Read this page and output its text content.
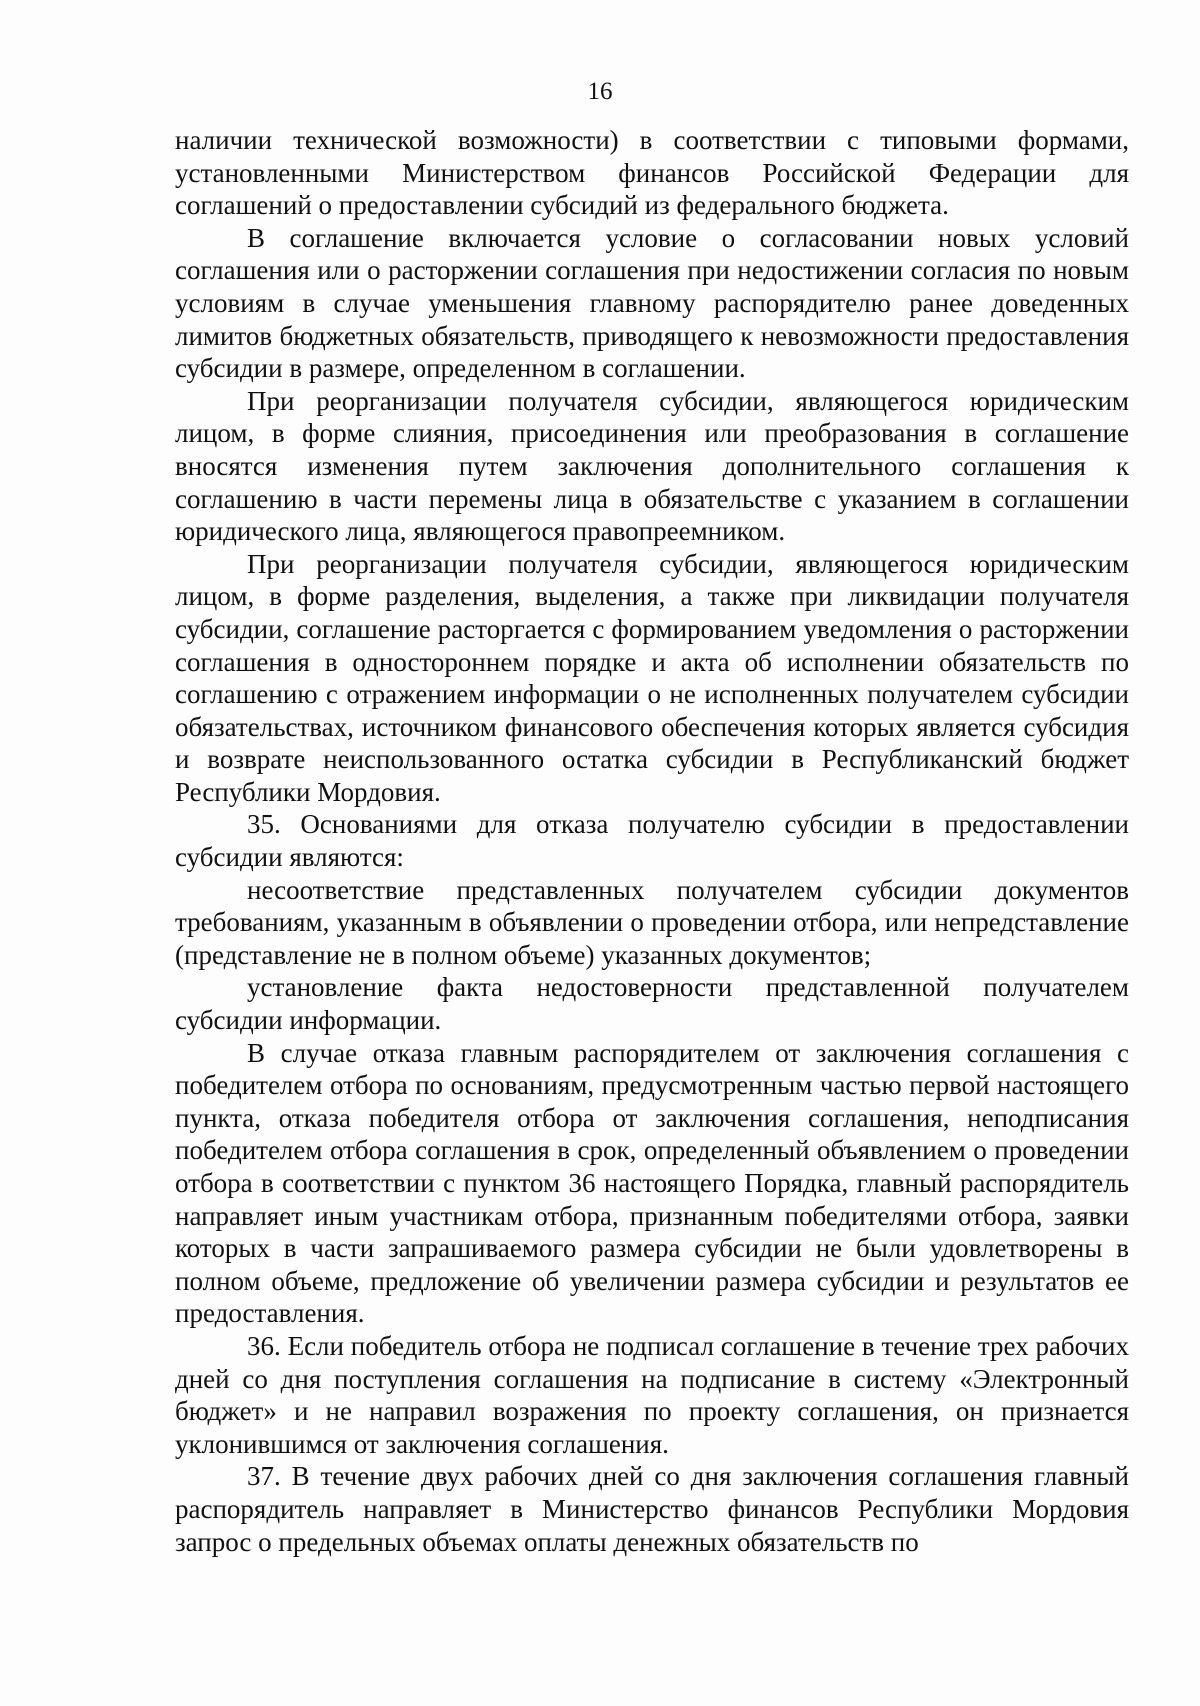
16

наличии технической возможности) в соответствии с типовыми формами, установленными Министерством финансов Российской Федерации для соглашений о предоставлении субсидий из федерального бюджета.

В соглашение включается условие о согласовании новых условий соглашения или о расторжении соглашения при недостижении согласия по новым условиям в случае уменьшения главному распорядителю ранее доведенных лимитов бюджетных обязательств, приводящего к невозможности предоставления субсидии в размере, определенном в соглашении.

При реорганизации получателя субсидии, являющегося юридическим лицом, в форме слияния, присоединения или преобразования в соглашение вносятся изменения путем заключения дополнительного соглашения к соглашению в части перемены лица в обязательстве с указанием в соглашении юридического лица, являющегося правопреемником.

При реорганизации получателя субсидии, являющегося юридическим лицом, в форме разделения, выделения, а также при ликвидации получателя субсидии, соглашение расторгается с формированием уведомления о расторжении соглашения в одностороннем порядке и акта об исполнении обязательств по соглашению с отражением информации о не исполненных получателем субсидии обязательствах, источником финансового обеспечения которых является субсидия и возврате неиспользованного остатка субсидии в Республиканский бюджет Республики Мордовия.

35. Основаниями для отказа получателю субсидии в предоставлении субсидии являются:

несоответствие представленных получателем субсидии документов требованиям, указанным в объявлении о проведении отбора, или непредставление (представление не в полном объеме) указанных документов;

установление факта недостоверности представленной получателем субсидии информации.

В случае отказа главным распорядителем от заключения соглашения с победителем отбора по основаниям, предусмотренным частью первой настоящего пункта, отказа победителя отбора от заключения соглашения, неподписания победителем отбора соглашения в срок, определенный объявлением о проведении отбора в соответствии с пунктом 36 настоящего Порядка, главный распорядитель направляет иным участникам отбора, признанным победителями отбора, заявки которых в части запрашиваемого размера субсидии не были удовлетворены в полном объеме, предложение об увеличении размера субсидии и результатов ее предоставления.

36. Если победитель отбора не подписал соглашение в течение трех рабочих дней со дня поступления соглашения на подписание в систему «Электронный бюджет» и не направил возражения по проекту соглашения, он признается уклонившимся от заключения соглашения.

37. В течение двух рабочих дней со дня заключения соглашения главный распорядитель направляет в Министерство финансов Республики Мордовия запрос о предельных объемах оплаты денежных обязательств по
